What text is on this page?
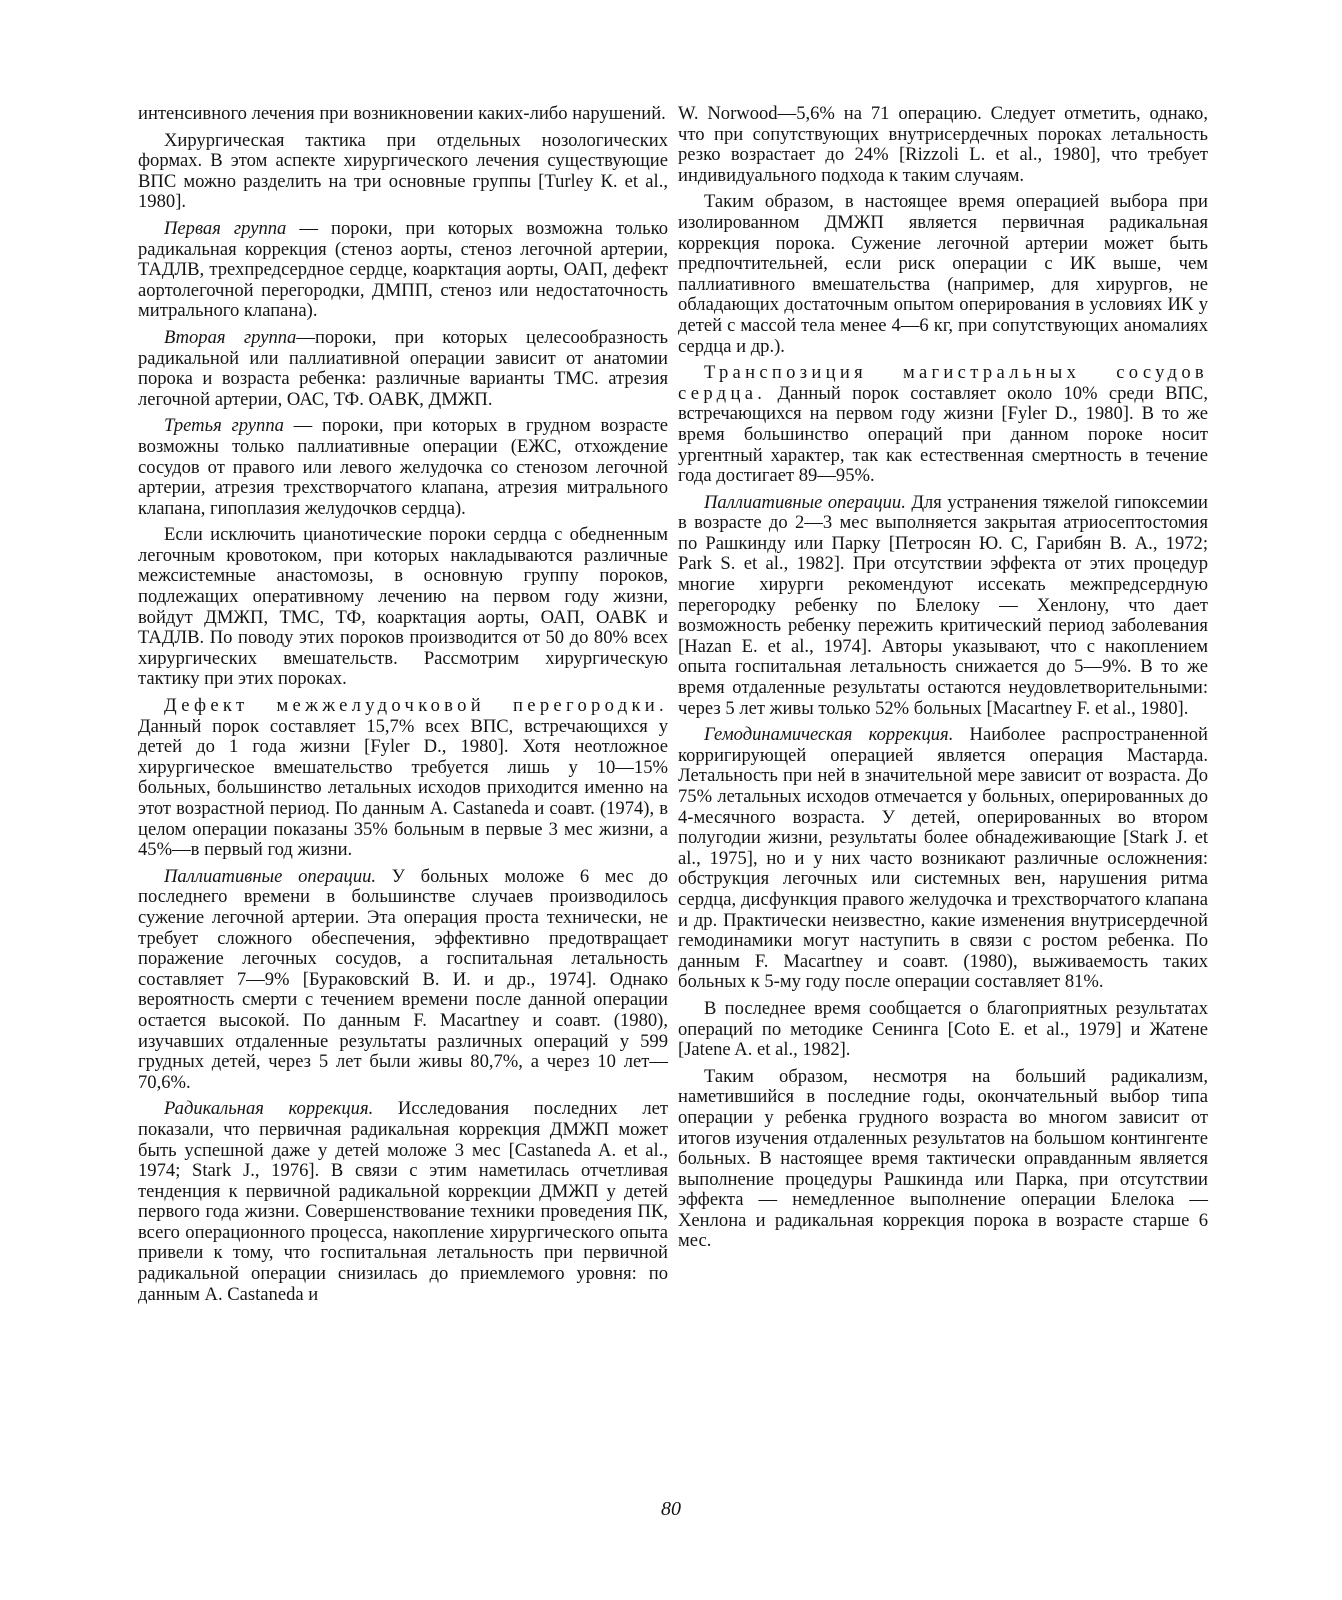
интенсивного лечения при возникновении каких-либо нарушений.

Хирургическая тактика при отдельных нозологических формах. В этом аспекте хирургического лечения существующие ВПС можно разделить на три основные группы [Turley К. et al., 1980].

Первая группа — пороки, при которых возможна только радикальная коррекция (стеноз аорты, стеноз легочной артерии, ТАДЛВ, трехпредсердное сердце, коарктация аорты, ОАП, дефект аортолегочной перегородки, ДМПП, стеноз или недостаточность митрального клапана).

Вторая группа—пороки, при которых целесообразность радикальной или паллиативной операции зависит от анатомии порока и возраста ребенка: различные варианты ТМС. атрезия легочной артерии, ОАС, ТФ. ОАВК, ДМЖП.

Третья группа — пороки, при которых в грудном возрасте возможны только паллиативные операции (ЕЖС, отхождение сосудов от правого или левого желудочка со стенозом легочной артерии, атрезия трехстворчатого клапана, атрезия митрального клапана, гипоплазия желудочков сердца).

Если исключить цианотические пороки сердца с обедненным легочным кровотоком, при которых накладываются различные межсистемные анастомозы, в основную группу пороков, подлежащих оперативному лечению на первом году жизни, войдут ДМЖП, ТМС, ТФ, коарктация аорты, ОАП, ОАВК и ТАДЛВ. По поводу этих пороков производится от 50 до 80% всех хирургических вмешательств. Рассмотрим хирургическую тактику при этих пороках.

Дефект межжелудочковой перегородки. Данный порок составляет 15,7% всех ВПС, встречающихся у детей до 1 года жизни [Fyler D., 1980]. Хотя неотложное хирургическое вмешательство требуется лишь у 10—15% больных, большинство летальных исходов приходится именно на этот возрастной период. По данным A. Castaneda и соавт. (1974), в целом операции показаны 35% больным в первые 3 мес жизни, а 45%—в первый год жизни.

Паллиативные операции. У больных моложе 6 мес до последнего времени в большинстве случаев производилось сужение легочной артерии. Эта операция проста технически, не требует сложного обеспечения, эффективно предотвращает поражение легочных сосудов, а госпитальная летальность составляет 7—9% [Бураковский В. И. и др., 1974]. Однако вероятность смерти с течением времени после данной операции остается высокой. По данным F. Macartney и соавт. (1980), изучавших отдаленные результаты различных операций у 599 грудных детей, через 5 лет были живы 80,7%, а через 10 лет—70,6%.

Радикальная коррекция. Исследования последних лет показали, что первичная радикальная коррекция ДМЖП может быть успешной даже у детей моложе 3 мес [Castaneda A. et al., 1974; Stark J., 1976]. В связи с этим наметилась отчетливая тенденция к первичной радикальной коррекции ДМЖП у детей первого года жизни. Совершенствование техники проведения ПК, всего операционного процесса, накопление хирургического опыта привели к тому, что госпитальная летальность при первичной радикальной операции снизилась до приемлемого уровня: по данным A. Castaneda и

W. Norwood—5,6% на 71 операцию. Следует отметить, однако, что при сопутствующих внутрисердечных пороках летальность резко возрастает до 24% [Rizzoli L. et al., 1980], что требует индивидуального подхода к таким случаям.

Таким образом, в настоящее время операцией выбора при изолированном ДМЖП является первичная радикальная коррекция порока. Сужение легочной артерии может быть предпочтительней, если риск операции с ИК выше, чем паллиативного вмешательства (например, для хирургов, не обладающих достаточным опытом оперирования в условиях ИК у детей с массой тела менее 4—6 кг, при сопутствующих аномалиях сердца и др.).

Транспозиция магистральных сосудов сердца. Данный порок составляет около 10% среди ВПС, встречающихся на первом году жизни [Fyler D., 1980]. В то же время большинство операций при данном пороке носит ургентный характер, так как естественная смертность в течение года достигает 89—95%.

Паллиативные операции. Для устранения тяжелой гипоксемии в возрасте до 2—3 мес выполняется закрытая атриосептостомия по Рашкинду или Парку [Петросян Ю. С, Гарибян В. А., 1972; Park S. et al., 1982]. При отсутствии эффекта от этих процедур многие хирурги рекомендуют иссекать межпредсердную перегородку ребенку по Блелоку — Хенлону, что дает возможность ребенку пережить критический период заболевания [Hazan E. et al., 1974]. Авторы указывают, что с накоплением опыта госпитальная летальность снижается до 5—9%. В то же время отдаленные результаты остаются неудовлетворительными: через 5 лет живы только 52% больных [Macartney F. et al., 1980].

Гемодинамическая коррекция. Наиболее распространенной корригирующей операцией является операция Мастарда. Летальность при ней в значительной мере зависит от возраста. До 75% летальных исходов отмечается у больных, оперированных до 4-месячного возраста. У детей, оперированных во втором полугодии жизни, результаты более обнадеживающие [Stark J. et al., 1975], но и у них часто возникают различные осложнения: обструкция легочных или системных вен, нарушения ритма сердца, дисфункция правого желудочка и трехстворчатого клапана и др. Практически неизвестно, какие изменения внутрисердечной гемодинамики могут наступить в связи с ростом ребенка. По данным F. Macartney и соавт. (1980), выживаемость таких больных к 5-му году после операции составляет 81%.

В последнее время сообщается о благоприятных результатах операций по методике Сенинга [Coto E. et al., 1979] и Жатене [Jatene A. et al., 1982].

Таким образом, несмотря на больший радикализм, наметившийся в последние годы, окончательный выбор типа операции у ребенка грудного возраста во многом зависит от итогов изучения отдаленных результатов на большом контингенте больных. В настоящее время тактически оправданным является выполнение процедуры Рашкинда или Парка, при отсутствии эффекта — немедленное выполнение операции Блелока — Хенлона и радикальная коррекция порока в возрасте старше 6 мес.

80
